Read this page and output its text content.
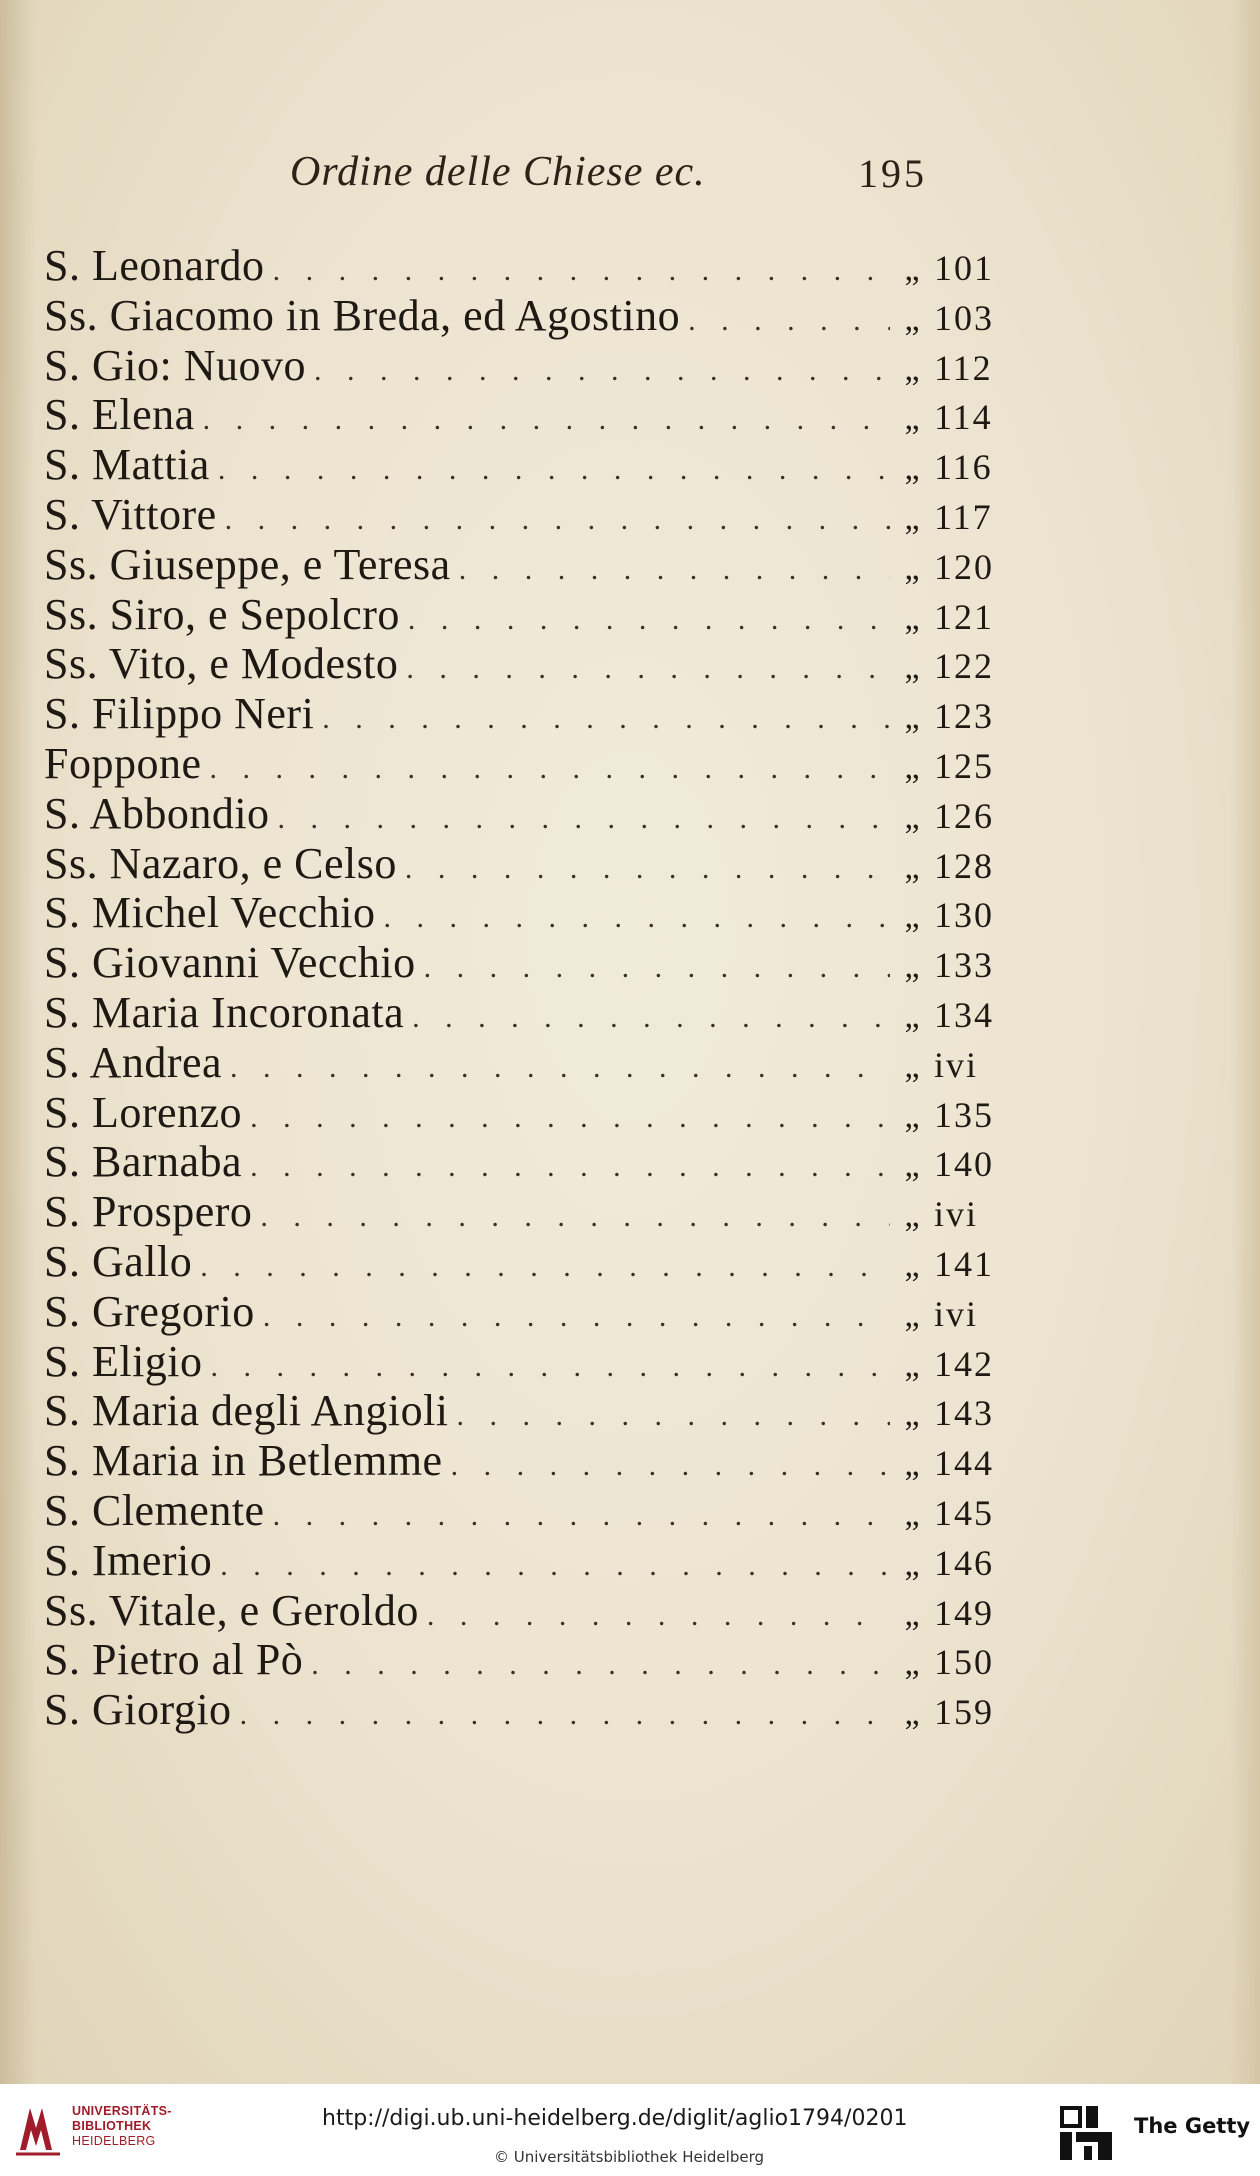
Ordine delle Chiese ec.	195
S. Leonardo . . .	„ 101
Ss. Giacomo in Breda, ed Agostino . . .	„ 103
S. Gio: Nuovo . . .	„ 112
S. Elena . . .	„ 114
S. Mattia . . .	„ 116
S. Vittore . . .	„ 117
Ss. Giuseppe, e Teresa . . .	„ 120
Ss. Siro, e Sepolcro . . .	„ 121
Ss. Vito, e Modesto . . .	„ 122
S. Filippo Neri . . .	„ 123
Foppone . . .	„ 125
S. Abbondio . . .	„ 126
Ss. Nazaro, e Celso . . .	„ 128
S. Michel Vecchio . . .	„ 130
S. Giovanni Vecchio . . .	„ 133
S. Maria Incoronata . . .	„ 134
S. Andrea . . .	„ ivi
S. Lorenzo . . .	„ 135
S. Barnaba . . .	„ 140
S. Prospero . . .	„ ivi
S. Gallo . . .	„ 141
S. Gregorio . . .	„ ivi
S. Eligio . . .	„ 142
S. Maria degli Angioli . . .	„ 143
S. Maria in Betlemme . . .	„ 144
S. Clemente . . .	„ 145
S. Imerio . . .	„ 146
Ss. Vitale, e Geroldo . . .	„ 149
S. Pietro al Pò . . .	„ 150
S. Giorgio . . .	„ 159
UNIVERSITÄTS-
BIBLIOTHEK
HEIDELBERG
http://digi.ub.uni-heidelberg.de/diglit/aglio1794/0201
© Universitätsbibliothek Heidelberg
The Getty
